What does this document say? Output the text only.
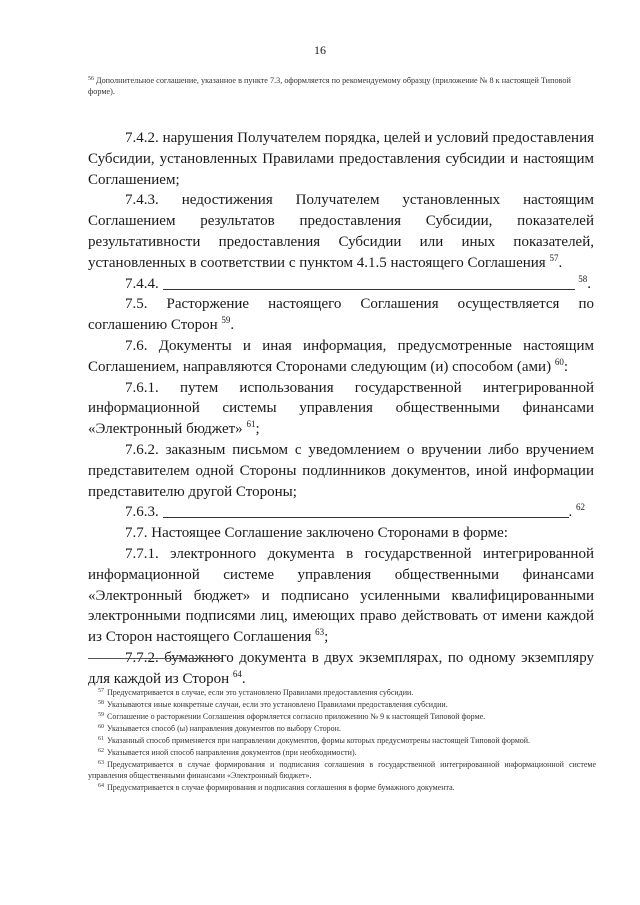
16
$^{56}$ Дополнительное соглашение, указанное в пункте 7.3, оформляется по рекомендуемому образцу (приложение № 8 к настоящей Типовой форме).

7.4.2. нарушения Получателем порядка, целей и условий предоставления Субсидии, установленных Правилами предоставления субсидии и настоящим Соглашением;

7.4.3. недостижения Получателем установленных настоящим Соглашением результатов предоставления Субсидии, показателей результативности предоставления Субсидии или иных показателей, установленных в соответствии с пунктом 4.1.5 настоящего Соглашения $^{57}$.

7.4.4.	$^{58}$.

7.5. Расторжение настоящего Соглашения осуществляется по соглашению Сторон $^{59}$.

7.6. Документы и иная информация, предусмотренные настоящим Соглашением, направляются Сторонами следующим (и) способом (ами) $^{60}$:

7.6.1. путем использования государственной интегрированной информационной системы управления общественными финансами «Электронный бюджет» $^{61}$;

7.6.2. заказным письмом с уведомлением о вручении либо вручением представителем одной Стороны подлинников документов, иной информации представителю другой Стороны;

7.6.3.	. $^{62}$

7.7. Настоящее Соглашение заключено Сторонами в форме:

7.7.1. электронного документа в государственной интегрированной информационной системе управления общественными финансами «Электронный бюджет» и подписано усиленными квалифицированными электронными подписями лиц, имеющих право действовать от имени каждой из Сторон настоящего Соглашения $^{63}$;

7.7.2. бумажного документа в двух экземплярах, по одному экземпляру для каждой из Сторон $^{64}$.

$^{57}$ Предусматривается в случае, если это установлено Правилами предоставления субсидии.

$^{58}$ Указываются иные конкретные случаи, если это установлено Правилами предоставления субсидии.

$^{59}$ Соглашение о расторжении Соглашения оформляется согласно приложению № 9 к настоящей Типовой форме.

$^{60}$ Указывается способ (ы) направления документов по выбору Сторон.

$^{61}$ Указанный способ применяется при направлении документов, формы которых предусмотрены настоящей Типовой формой.

$^{62}$ Указывается иной способ направления документов (при необходимости).

$^{63}$ Предусматривается в случае формирования и подписания соглашения в государственной интегрированной информационной системе управления общественными финансами «Электронный бюджет».

$^{64}$ Предусматривается в случае формирования и подписания соглашения в форме бумажного документа.
